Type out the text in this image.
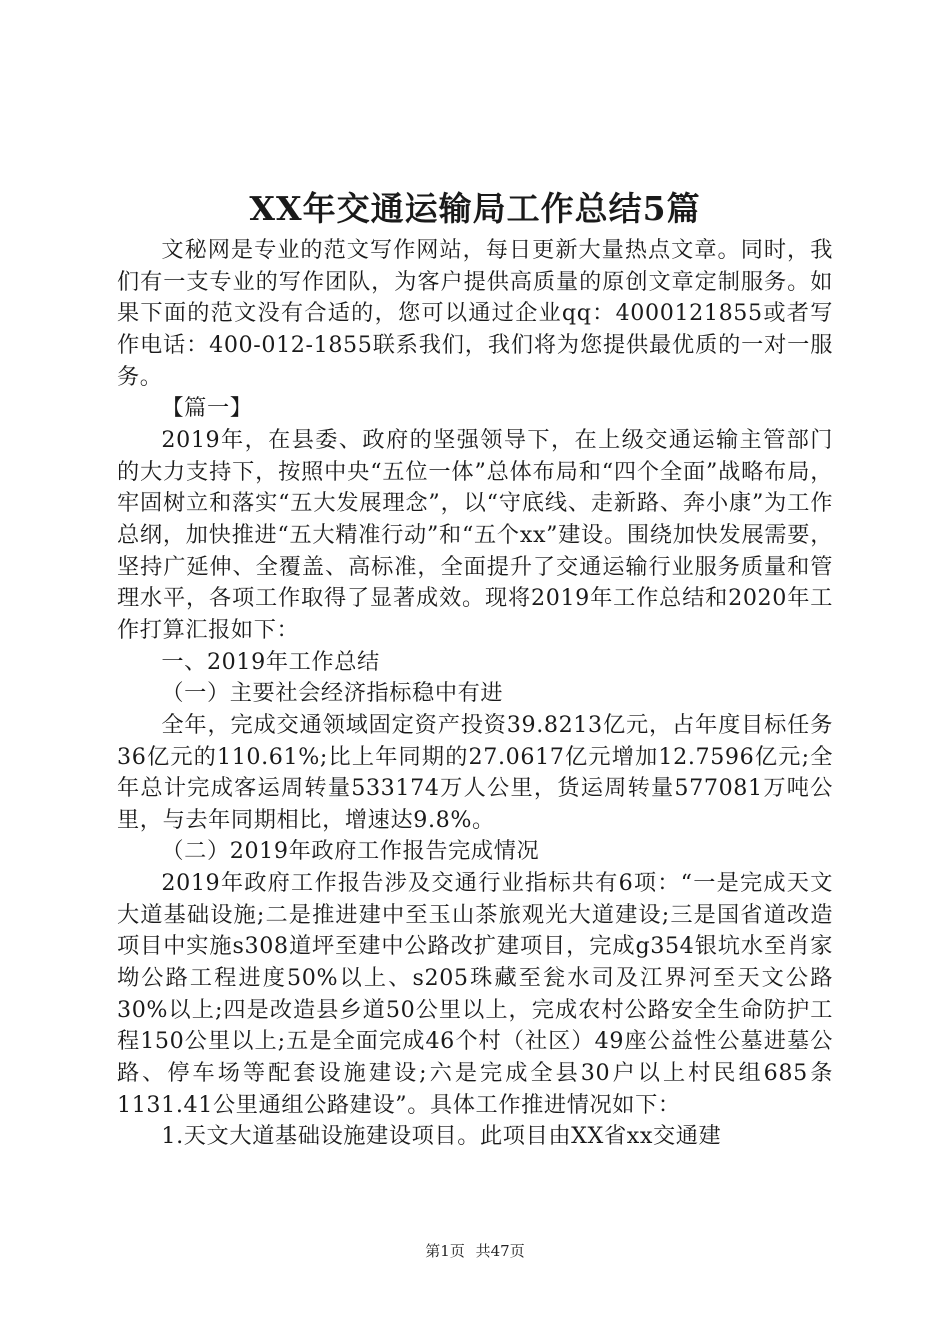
XX年交通运输局工作总结5篇

文秘网是专业的范文写作网站，每日更新大量热点文章。同时，我们有一支专业的写作团队，为客户提供高质量的原创文章定制服务。如果下面的范文没有合适的，您可以通过企业qq：4000121855或者写作电话：400-012-1855联系我们，我们将为您提供最优质的一对一服务。

【篇一】

2019年，在县委、政府的坚强领导下，在上级交通运输主管部门的大力支持下，按照中央“五位一体”总体布局和“四个全面”战略布局，牢固树立和落实“五大发展理念”，以“守底线、走新路、奔小康”为工作总纲，加快推进“五大精准行动”和“五个xx”建设。围绕加快发展需要，坚持广延伸、全覆盖、高标准，全面提升了交通运输行业服务质量和管理水平，各项工作取得了显著成效。现将2019年工作总结和2020年工作打算汇报如下：

一、2019年工作总结

（一）主要社会经济指标稳中有进

全年，完成交通领域固定资产投资39.8213亿元，占年度目标任务36亿元的110.61%;比上年同期的27.0617亿元增加12.7596亿元;全年总计完成客运周转量533174万人公里，货运周转量577081万吨公里，与去年同期相比，增速达9.8%。

（二）2019年政府工作报告完成情况

2019年政府工作报告涉及交通行业指标共有6项：“一是完成天文大道基础设施;二是推进建中至玉山茶旅观光大道建设;三是国省道改造项目中实施s308道坪至建中公路改扩建项目，完成g354银坑水至肖家坳公路工程进度50%以上、s205珠藏至瓮水司及江界河至天文公路30%以上;四是改造县乡道50公里以上，完成农村公路安全生命防护工程150公里以上;五是全面完成46个村（社区）49座公益性公墓进墓公路、停车场等配套设施建设;六是完成全县30户以上村民组685条1131.41公里通组公路建设”。具体工作推进情况如下：

1.天文大道基础设施建设项目。此项目由XX省xx交通建

第1页 共47页
